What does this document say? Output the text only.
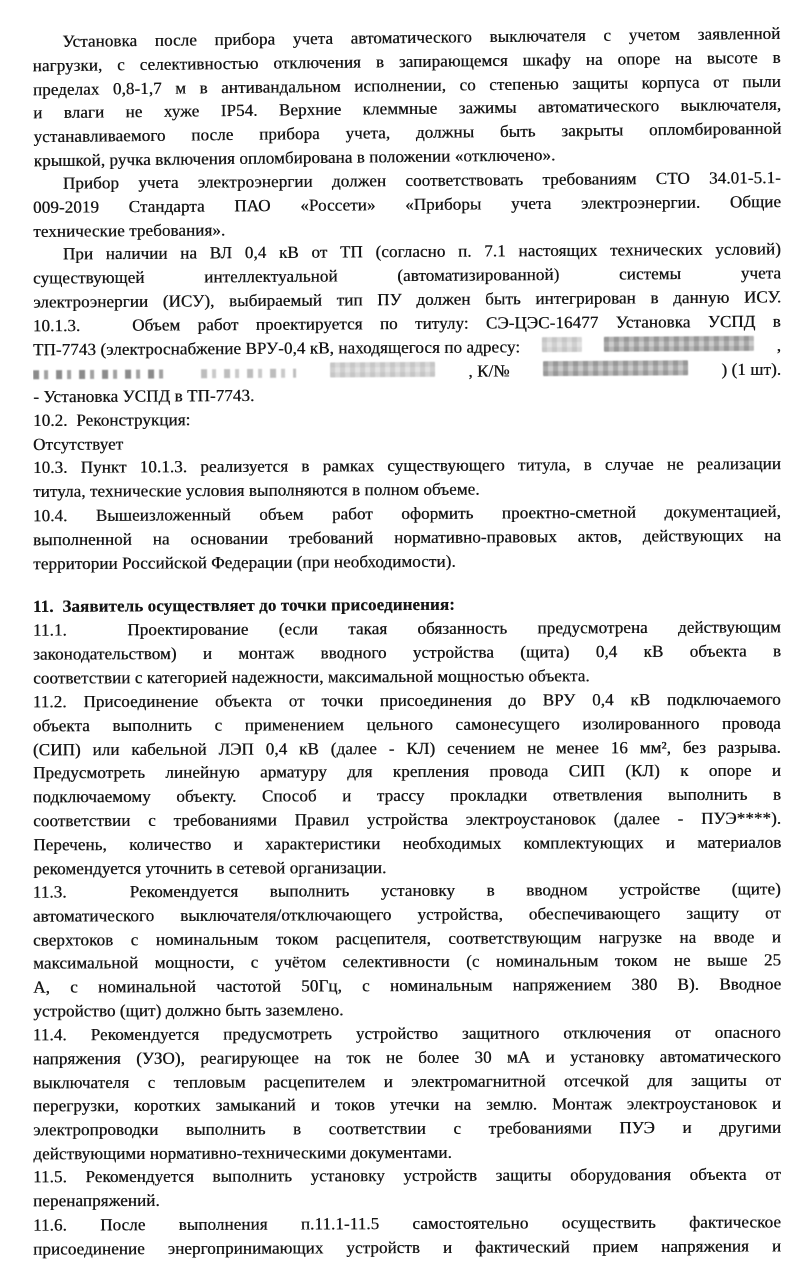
Установка после прибора учета автоматического выключателя с учетом заявленной
нагрузки, с селективностью отключения в запирающемся шкафу на опоре на высоте в
пределах 0,8-1,7 м в антивандальном исполнении, со степенью защиты корпуса от пыли
и влаги не хуже IP54. Верхние клеммные зажимы автоматического выключателя,
устанавливаемого после прибора учета, должны быть закрыты опломбированной
крышкой, ручка включения опломбирована в положении «отключено».
Прибор учета электроэнергии должен соответствовать требованиям СТО 34.01-5.1-
009-2019 Стандарта ПАО «Россети» «Приборы учета электроэнергии. Общие
технические требования».
При наличии на ВЛ 0,4 кВ от ТП (согласно п. 7.1 настоящих технических условий)
существующей интеллектуальной (автоматизированной) системы учета
электроэнергии (ИСУ), выбираемый тип ПУ должен быть интегрирован в данную ИСУ.
10.1.3.   Объем работ проектируется по титулу: СЭ-ЦЭС-16477 Установка УСПД в
ТП-7743 (электроснабжение ВРУ-0,4 кВ, находящегося по адресу:	,
, К/№	) (1 шт).
- Установка УСПД в ТП-7743.
10.2.  Реконструкция:
Отсутствует
10.3. Пункт 10.1.3. реализуется в рамках существующего титула, в случае не реализации
титула, технические условия выполняются в полном объеме.
10.4. Вышеизложенный объем работ оформить проектно-сметной документацией,
выполненной на основании требований нормативно-правовых актов, действующих на
территории Российской Федерации (при необходимости).
11.  Заявитель осуществляет до точки присоединения:
11.1.  Проектирование (если такая обязанность предусмотрена действующим
законодательством) и монтаж вводного устройства (щита) 0,4 кВ объекта в
соответствии с категорией надежности, максимальной мощностью объекта.
11.2. Присоединение объекта от точки присоединения до ВРУ 0,4 кВ подключаемого
объекта выполнить с применением цельного самонесущего изолированного провода
(СИП) или кабельной ЛЭП 0,4 кВ (далее - КЛ) сечением не менее 16 мм², без разрыва.
Предусмотреть линейную арматуру для крепления провода СИП (КЛ) к опоре и
подключаемому объекту. Способ и трассу прокладки ответвления выполнить в
соответствии с требованиями Правил устройства электроустановок (далее - ПУЭ****).
Перечень, количество и характеристики необходимых комплектующих и материалов
рекомендуется уточнить в сетевой организации.
11.3.  Рекомендуется выполнить установку в вводном устройстве (щите)
автоматического выключателя/отключающего устройства, обеспечивающего защиту от
сверхтоков с номинальным током расцепителя, соответствующим нагрузке на вводе и
максимальной мощности, с учётом селективности (с номинальным током не выше 25
А, с номинальной частотой 50Гц, с номинальным напряжением 380 В). Вводное
устройство (щит) должно быть заземлено.
11.4. Рекомендуется предусмотреть устройство защитного отключения от опасного
напряжения (УЗО), реагирующее на ток не более 30 мА и установку автоматического
выключателя с тепловым расцепителем и электромагнитной отсечкой для защиты от
перегрузки, коротких замыканий и токов утечки на землю. Монтаж электроустановок и
электропроводки выполнить в соответствии с требованиями ПУЭ и другими
действующими нормативно-техническими документами.
11.5. Рекомендуется выполнить установку устройств защиты оборудования объекта от
перенапряжений.
11.6. После выполнения п.11.1-11.5 самостоятельно осуществить фактическое
присоединение энергопринимающих устройств и фактический прием напряжения и
